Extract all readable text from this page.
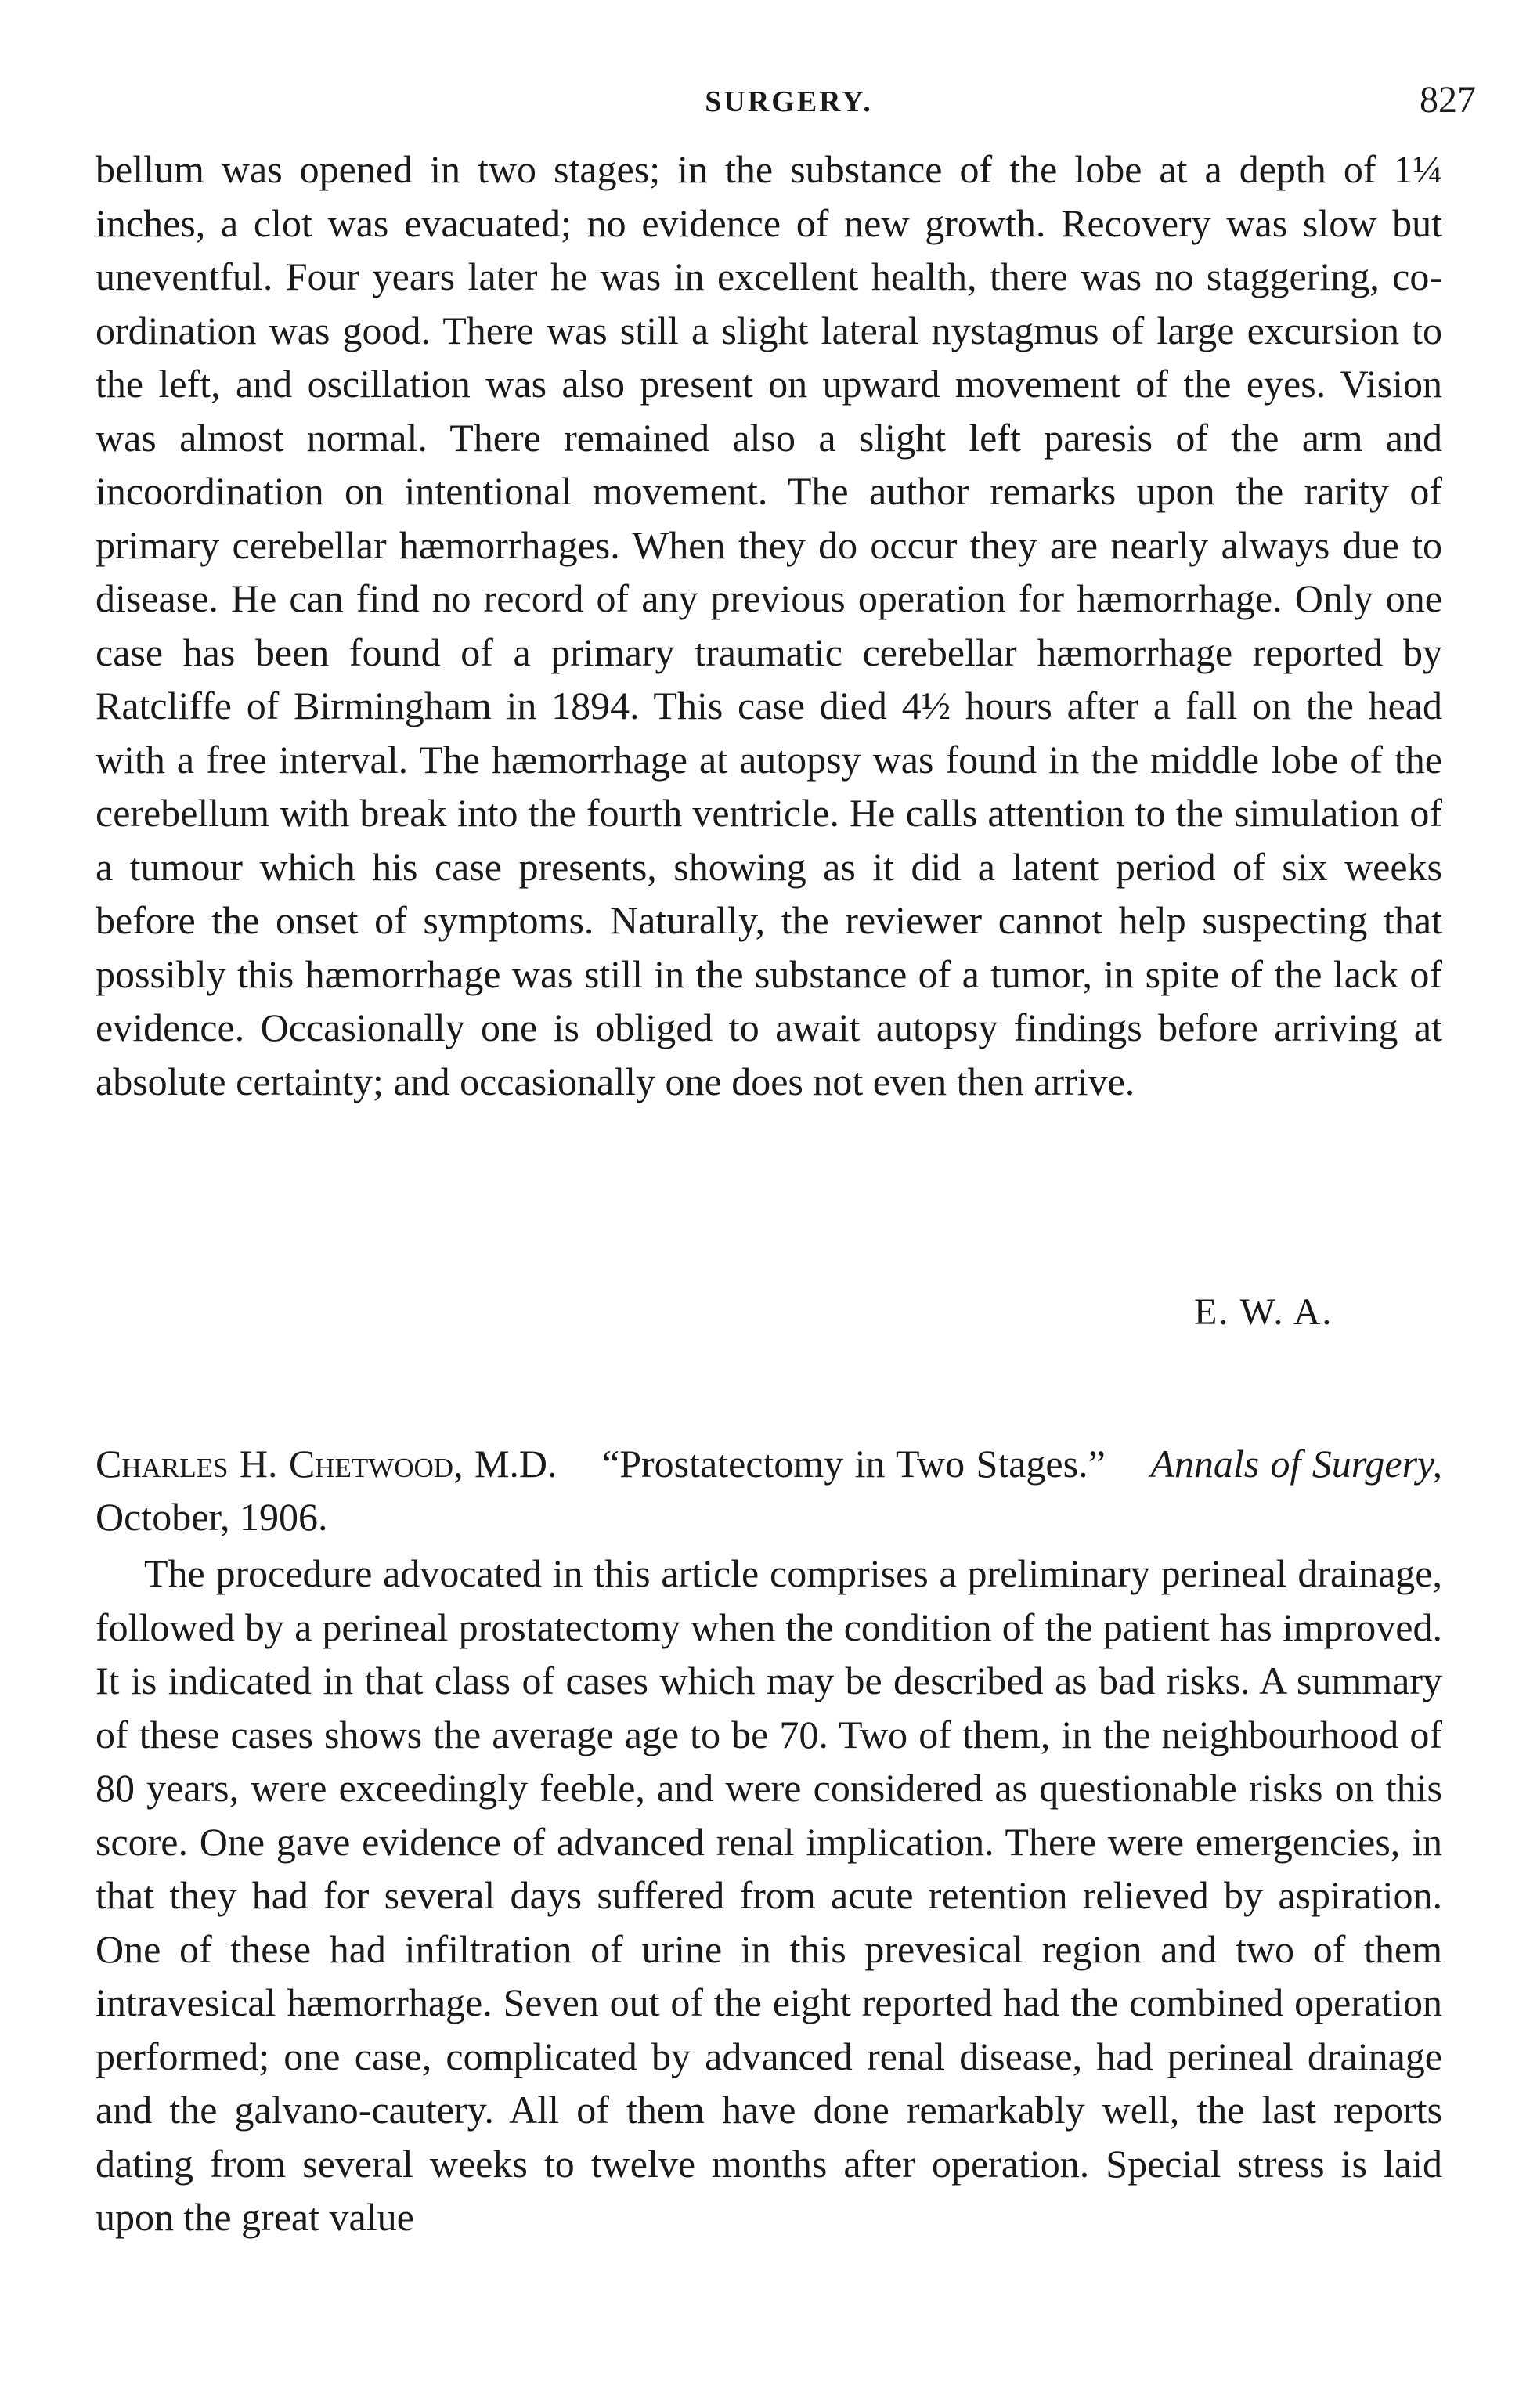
SURGERY.	827

bellum was opened in two stages; in the substance of the lobe at a depth of 1¼ inches, a clot was evacuated; no evidence of new growth. Recovery was slow but uneventful. Four years later he was in excellent health, there was no staggering, co-ordination was good. There was still a slight lateral nystagmus of large excursion to the left, and oscillation was also present on upward movement of the eyes. Vision was almost normal. There remained also a slight left paresis of the arm and incoordination on intentional movement. The author remarks upon the rarity of primary cerebellar hæmorrhages. When they do occur they are nearly always due to disease. He can find no record of any previous operation for hæmorrhage. Only one case has been found of a primary traumatic cerebellar hæmorrhage reported by Ratcliffe of Birmingham in 1894. This case died 4½ hours after a fall on the head with a free interval. The hæmorrhage at autopsy was found in the middle lobe of the cerebellum with break into the fourth ventricle. He calls attention to the simulation of a tumour which his case presents, showing as it did a latent period of six weeks before the onset of symptoms. Naturally, the reviewer cannot help suspecting that possibly this hæmorrhage was still in the substance of a tumor, in spite of the lack of evidence. Occasionally one is obliged to await autopsy findings before arriving at absolute certainty; and occasionally one does not even then arrive.

E. W. A.
Charles H. Chetwood, M.D. “Prostatectomy in Two Stages.” Annals of Surgery, October, 1906.

The procedure advocated in this article comprises a preliminary perineal drainage, followed by a perineal prostatectomy when the condition of the patient has improved. It is indicated in that class of cases which may be described as bad risks. A summary of these cases shows the average age to be 70. Two of them, in the neighbourhood of 80 years, were exceedingly feeble, and were considered as questionable risks on this score. One gave evidence of advanced renal implication. There were emergencies, in that they had for several days suffered from acute retention relieved by aspiration. One of these had infiltration of urine in this prevesical region and two of them intravesical hæmorrhage. Seven out of the eight reported had the combined operation performed; one case, complicated by advanced renal disease, had perineal drainage and the galvano-cautery. All of them have done remarkably well, the last reports dating from several weeks to twelve months after operation. Special stress is laid upon the great value
